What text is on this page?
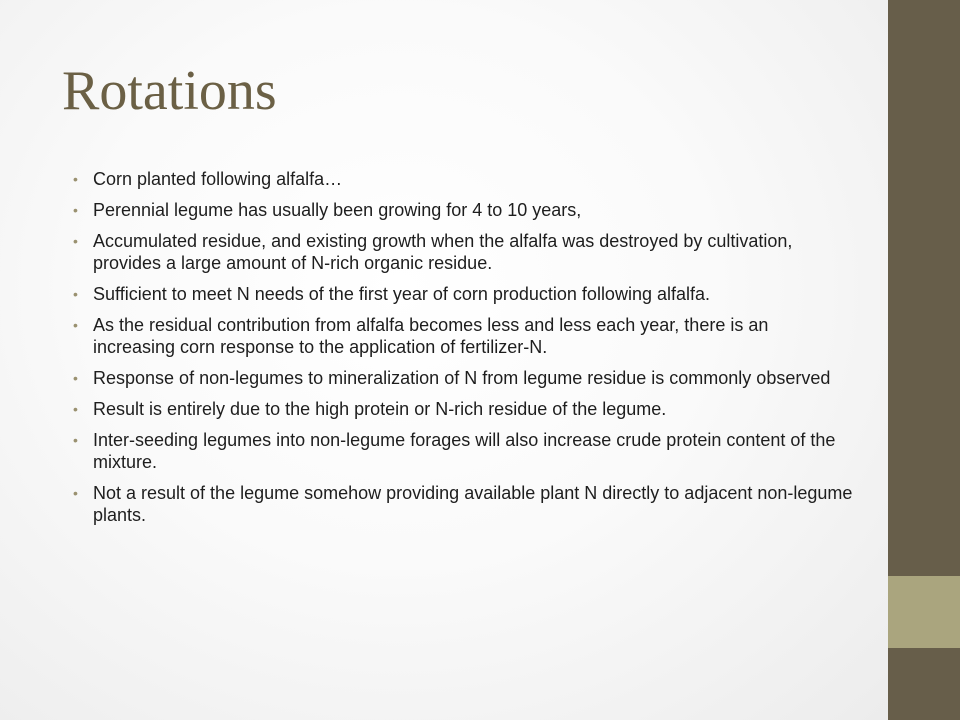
Rotations
• Corn planted following alfalfa…
• Perennial legume has usually been growing for 4 to 10 years,
• Accumulated residue, and existing growth when the alfalfa was destroyed by cultivation, provides a large amount of N-rich organic residue.
• Sufficient to meet N needs of the first year of corn production following alfalfa.
• As the residual contribution from alfalfa becomes less and less each year, there is an increasing corn response to the application of fertilizer-N.
• Response of non-legumes to mineralization of N from legume residue is commonly observed
• Result is entirely due to the high protein or N-rich residue of the legume.
• Inter-seeding legumes into non-legume forages will also increase crude protein content of the mixture.
• Not a result of the legume somehow providing available plant N directly to adjacent non-legume plants.
